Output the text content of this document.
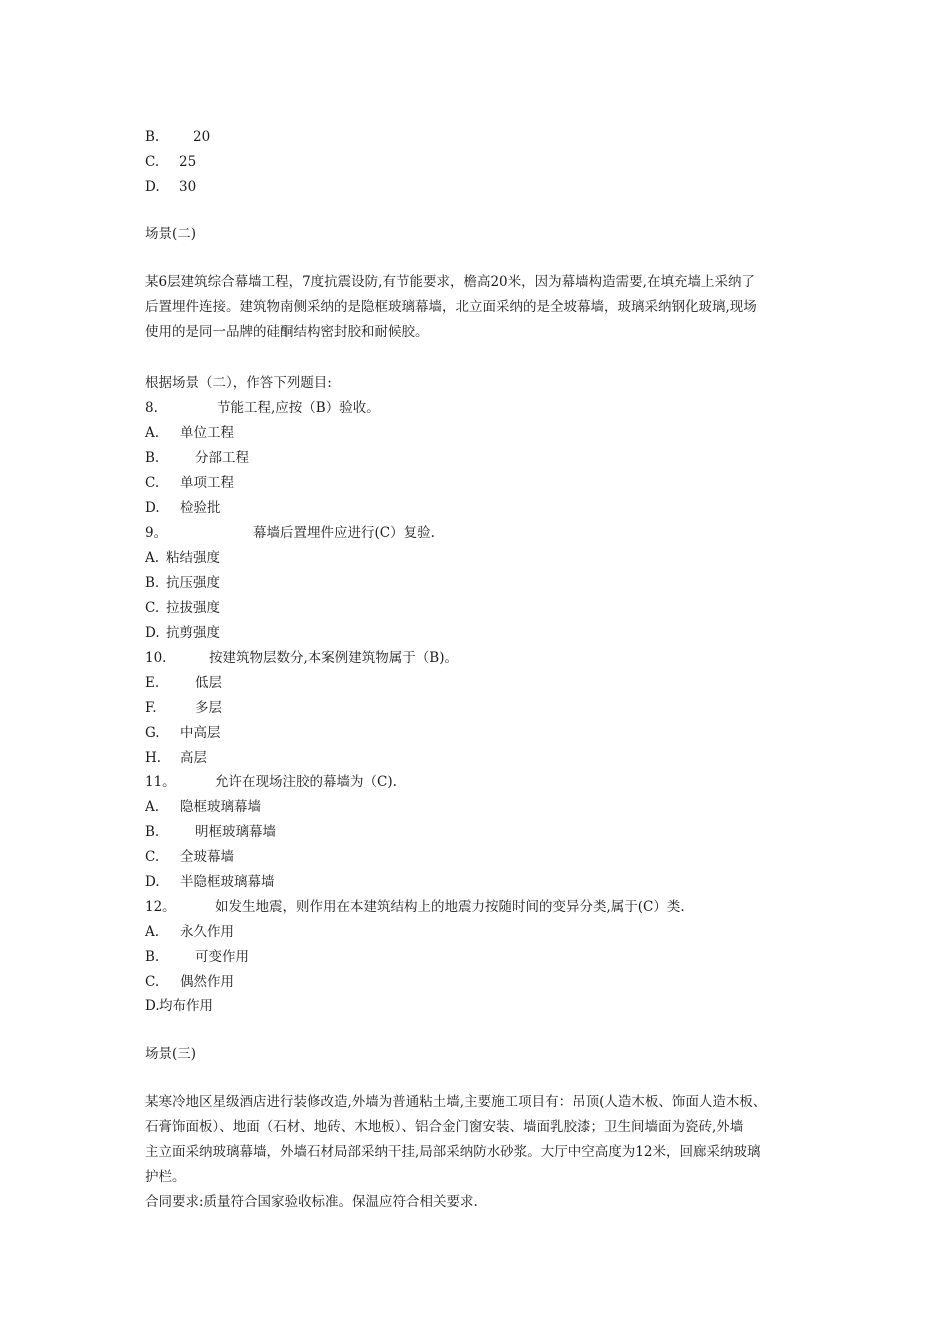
B.	20
C. 25
D. 30
场景(二)
某6层建筑综合幕墙工程，7度抗震设防,有节能要求，檐高20米，因为幕墙构造需要,在填充墙上采纳了
后置埋件连接。建筑物南侧采纳的是隐框玻璃幕墙，北立面采纳的是全坡幕墙，玻璃采纳钢化玻璃,现场
使用的是同一品牌的硅酮结构密封胶和耐候胶。
根据场景（二），作答下列题目:
8.	节能工程,应按（B）验收。
A. 单位工程
B.	分部工程
C. 单项工程
D. 检验批
9。	幕墙后置埋件应进行(C）复验.
A. 粘结强度
B. 抗压强度
C. 拉拔强度
D. 抗剪强度
10.	按建筑物层数分,本案例建筑物属于（B)。
E.	低层
F.	多层
G. 中高层
H. 高层
11。	允许在现场注胶的幕墙为（C).
A. 隐框玻璃幕墙
B.	明框玻璃幕墙
C. 全玻幕墙
D. 半隐框玻璃幕墙
12。	如发生地震，则作用在本建筑结构上的地震力按随时间的变异分类,属于(C）类.
A. 永久作用
B.	可变作用
C. 偶然作用
D.均布作用
场景(三)
某寒冷地区星级酒店进行装修改造,外墙为普通粘土墙,主要施工项目有：吊顶(人造木板、饰面人造木板、
石膏饰面板）、地面（石材、地砖、木地板）、铝合金门窗安装、墙面乳胶漆；卫生间墙面为瓷砖,外墙
主立面采纳玻璃幕墙，外墙石材局部采纳干挂,局部采纳防水砂浆。大厅中空高度为12米，回廊采纳玻璃
护栏。
合同要求:质量符合国家验收标准。保温应符合相关要求.
